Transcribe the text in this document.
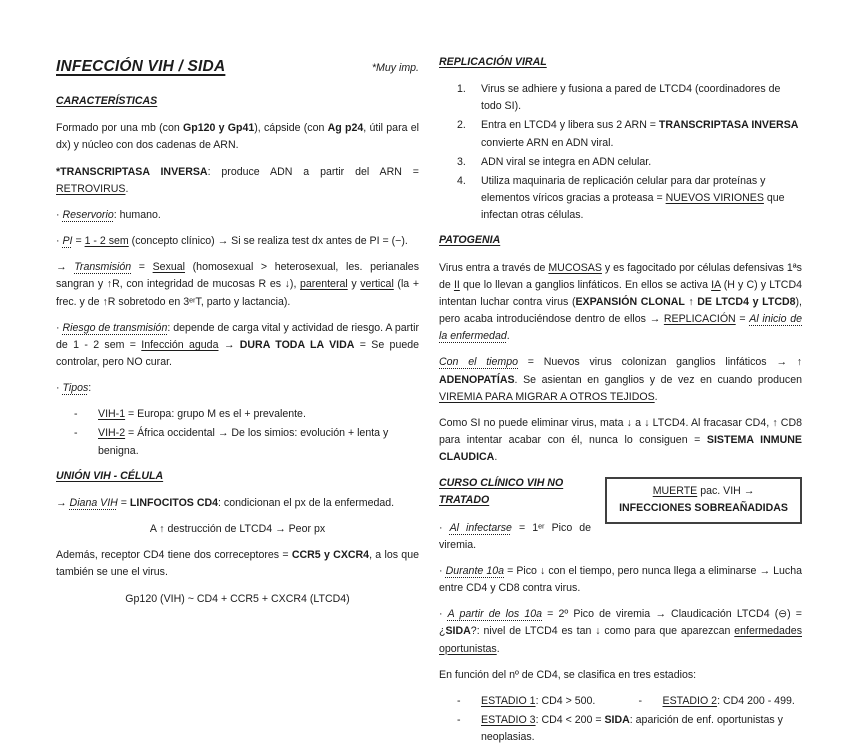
INFECCIÓN VIH / SIDA	*Muy imp.
CARACTERÍSTICAS

Formado por una mb (con Gp120 y Gp41), cápside (con Ag p24, útil para el dx) y núcleo con dos cadenas de ARN.

*TRANSCRIPTASA INVERSA: produce ADN a partir del ARN = RETROVIRUS.

· Reservorio: humano.

· PI = 1 - 2 sem (concepto clínico) → Si se realiza test dx antes de PI = (−).

→ Transmisión = Sexual (homosexual > heterosexual, les. perianales sangran y ↑R, con integridad de mucosas R es ↓), parenteral y vertical (la + frec. y de ↑R sobretodo en 3ᵉʳT, parto y lactancia).

· Riesgo de transmisión: depende de carga vital y actividad de riesgo. A partir de 1 - 2 sem = Infección aguda → DURA TODA LA VIDA = Se puede controlar, pero NO curar.

· Tipos:

-	VIH-1 = Europa: grupo M es el + prevalente.
-	VIH-2 = África occidental → De los simios: evolución + lenta y benigna.
UNIÓN VIH - CÉLULA

→ Diana VIH = LINFOCITOS CD4: condicionan el px de la enfermedad.

A ↑ destrucción de LTCD4 → Peor px

Además, receptor CD4 tiene dos correceptores = CCR5 y CXCR4, a los que también se une el virus.

Gp120 (VIH) ~ CD4 + CCR5 + CXCR4 (LTCD4)

REPLICACIÓN VIRAL
1.	Virus se adhiere y fusiona a pared de LTCD4 (coordinadores de todo SI).
2.	Entra en LTCD4 y libera sus 2 ARN = TRANSCRIPTASA INVERSA convierte ARN en ADN viral.
3.	ADN viral se integra en ADN celular.
4.	Utiliza maquinaria de replicación celular para dar proteínas y elementos víricos gracias a proteasa = NUEVOS VIRIONES que infectan otras células.
PATOGENIA

Virus entra a través de MUCOSAS y es fagocitado por células defensivas 1ªs de II que lo llevan a ganglios linfáticos. En ellos se activa IA (H y C) y LTCD4 intentan luchar contra virus (EXPANSIÓN CLONAL ↑ DE LTCD4 y LTCD8), pero acaba introduciéndose dentro de ellos → REPLICACIÓN = Al inicio de la enfermedad.

Con el tiempo = Nuevos virus colonizan ganglios linfáticos → ↑ ADENOPATÍAS. Se asientan en ganglios y de vez en cuando producen VIREMIA PARA MIGRAR A OTROS TEJIDOS.

Como SI no puede eliminar virus, mata ↓ a ↓ LTCD4. Al fracasar CD4, ↑ CD8 para intentar acabar con él, nunca lo consiguen = SISTEMA INMUNE CLAUDICA.

CURSO CLÍNICO VIH NO TRATADO

· Al infectarse = 1ᵉʳ Pico de viremia.

MUERTE pac. VIH →
INFECCIONES SOBREAÑADIDAS

· Durante 10a = Pico ↓ con el tiempo, pero nunca llega a eliminarse → Lucha entre CD4 y CD8 contra virus.

· A partir de los 10a = 2º Pico de viremia → Claudicación LTCD4 (⊖) = ¿SIDA?: nivel de LTCD4 es tan ↓ como para que aparezcan enfermedades oportunistas.

En función del nº de CD4, se clasifica en tres estadios:

-	ESTADIO 1: CD4 > 500.	-	ESTADIO 2: CD4 200 - 499.
-	ESTADIO 3: CD4 < 200 = SIDA: aparición de enf. oportunistas y neoplasias.
